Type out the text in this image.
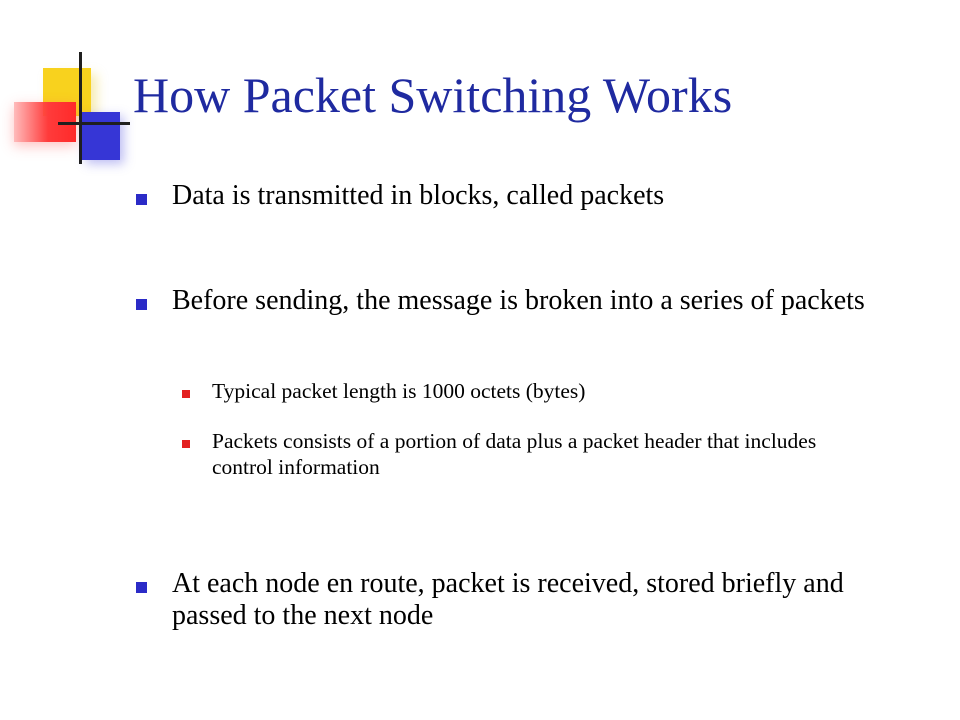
How Packet Switching Works
Data is transmitted in blocks, called packets
Before sending, the message is broken into a series of packets
Typical packet length is 1000 octets (bytes)
Packets consists of a portion of data plus a packet header that includes control information
At each node en route, packet is received, stored briefly and passed to the next node
